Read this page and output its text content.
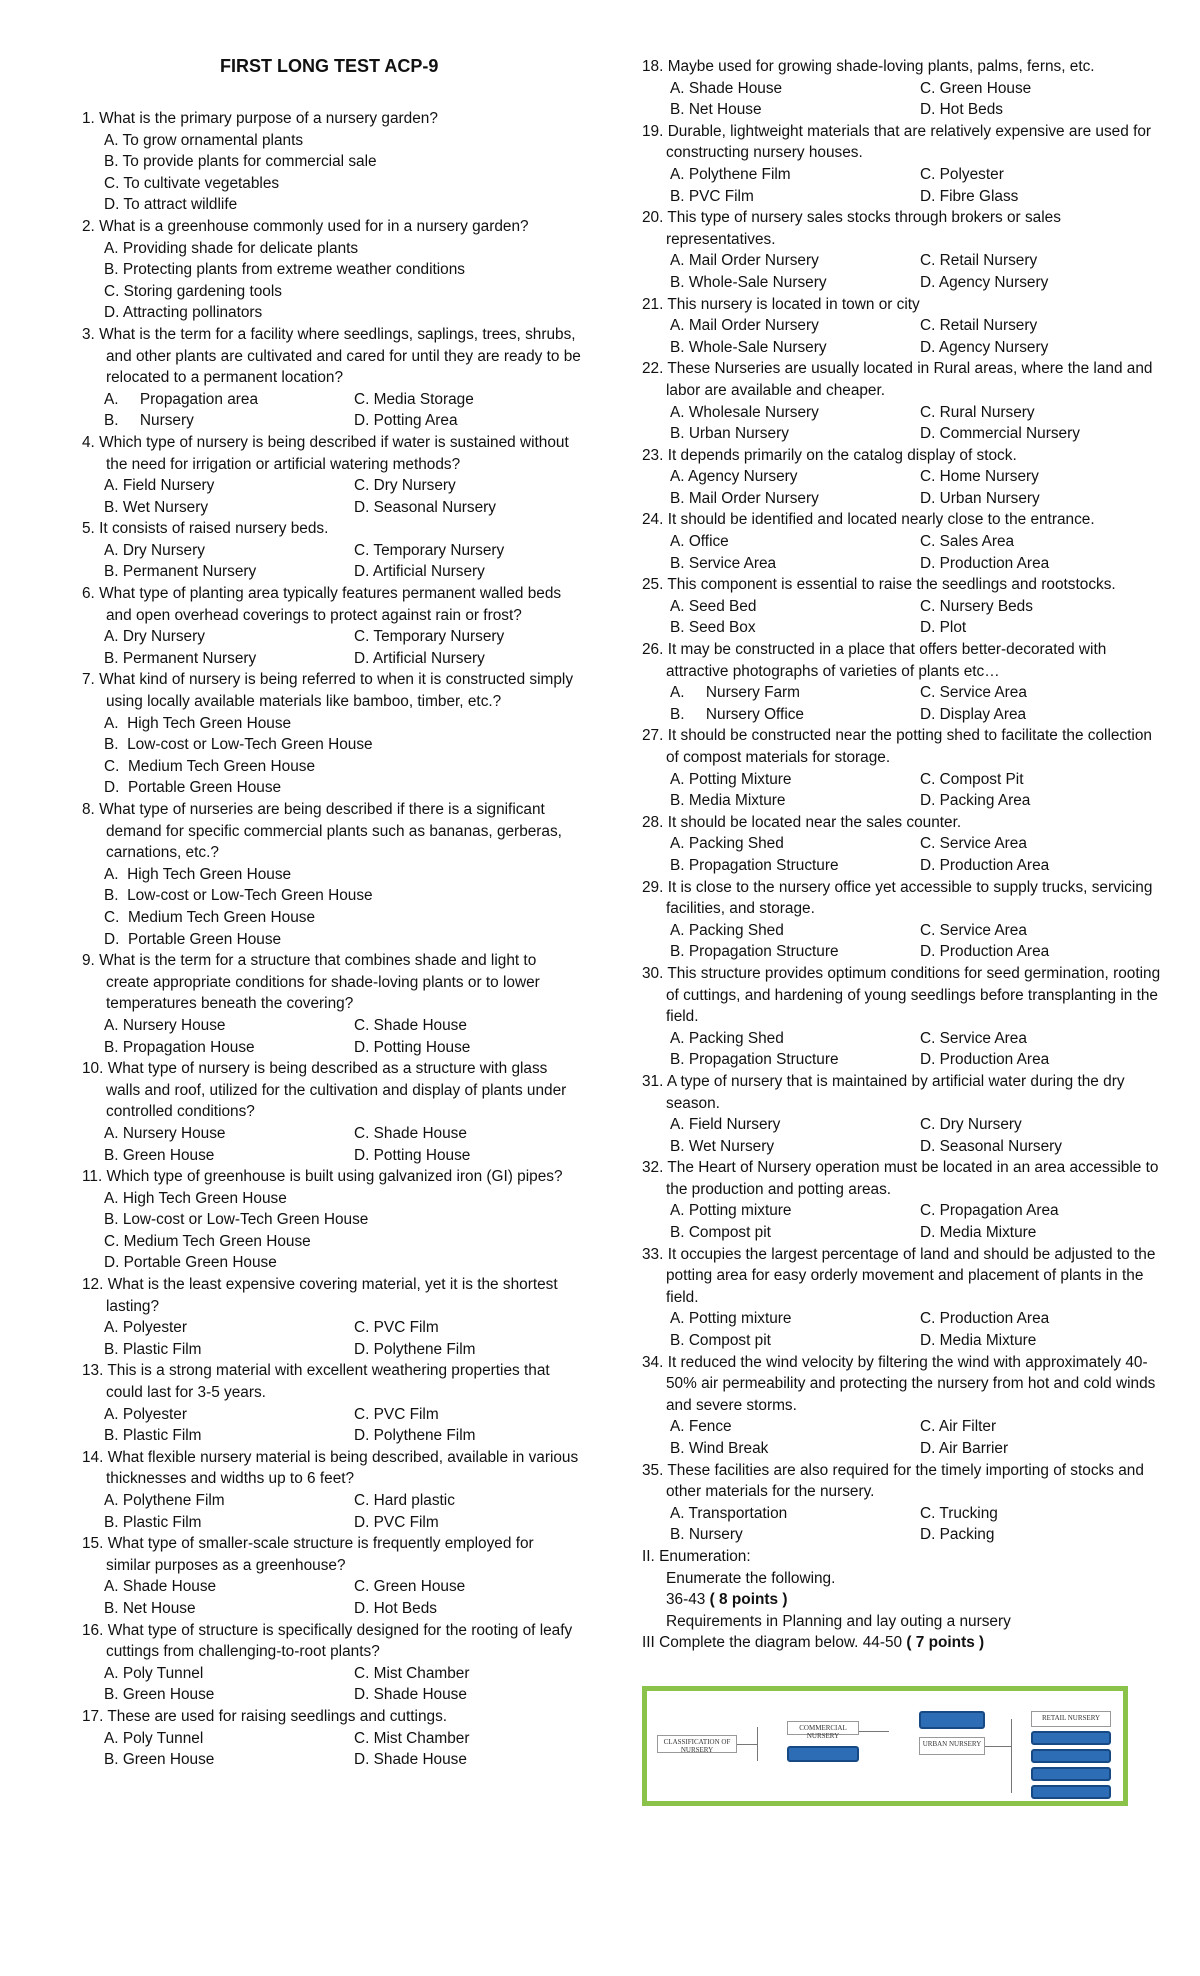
FIRST LONG TEST ACP-9
1. What is the primary purpose of a nursery garden?
A. To grow ornamental plants
B. To provide plants for commercial sale
C. To cultivate vegetables
D. To attract wildlife
2. What is a greenhouse commonly used for in a nursery garden?
A. Providing shade for delicate plants
B. Protecting plants from extreme weather conditions
C. Storing gardening tools
D. Attracting pollinators
3. What is the term for a facility where seedlings, saplings, trees, shrubs, and other plants are cultivated and cared for until they are ready to be relocated to a permanent location?
A.     Propagation area	C. Media Storage
B.     Nursery	D. Potting Area
4. Which type of nursery is being described if water is sustained without the need for irrigation or artificial watering methods?
A. Field Nursery	C. Dry Nursery
B. Wet Nursery	D. Seasonal Nursery
5. It consists of raised nursery beds.
A. Dry Nursery	C. Temporary Nursery
B. Permanent Nursery	D. Artificial Nursery
6. What type of planting area typically features permanent walled beds and open overhead coverings to protect against rain or frost?
A. Dry Nursery	C. Temporary Nursery
B. Permanent Nursery	D. Artificial Nursery
7. What kind of nursery is being referred to when it is constructed simply using locally available materials like bamboo, timber, etc.?
A.  High Tech Green House
B.  Low-cost or Low-Tech Green House
C.  Medium Tech Green House
D.  Portable Green House
8. What type of nurseries are being described if there is a significant demand for specific commercial plants such as bananas, gerberas, carnations, etc.?
A.  High Tech Green House
B.  Low-cost or Low-Tech Green House
C.  Medium Tech Green House
D.  Portable Green House
9. What is the term for a structure that combines shade and light to create appropriate conditions for shade-loving plants or to lower temperatures beneath the covering?
A. Nursery House	C. Shade House
B. Propagation House	D. Potting House
10. What type of nursery is being described as a structure with glass walls and roof, utilized for the cultivation and display of plants under controlled conditions?
A. Nursery House	C. Shade House
B. Green House	D. Potting House
11. Which type of greenhouse is built using galvanized iron (GI) pipes?
A. High Tech Green House
B. Low-cost or Low-Tech Green House
C. Medium Tech Green House
D. Portable Green House
12. What is the least expensive covering material, yet it is the shortest lasting?
A. Polyester	C. PVC Film
B. Plastic Film	D. Polythene Film
13. This is a strong material with excellent weathering properties that could last for 3-5 years.
A. Polyester	C. PVC Film
B. Plastic Film	D. Polythene Film
14. What flexible nursery material is being described, available in various thicknesses and widths up to 6 feet?
A. Polythene Film	C. Hard plastic
B. Plastic Film	D. PVC Film
15. What type of smaller-scale structure is frequently employed for similar purposes as a greenhouse?
A. Shade House	C. Green House
B. Net House	D. Hot Beds
16. What type of structure is specifically designed for the rooting of leafy cuttings from challenging-to-root plants?
A. Poly Tunnel	C. Mist Chamber
B. Green House	D. Shade House
17. These are used for raising seedlings and cuttings.
A. Poly Tunnel	C. Mist Chamber
B. Green House	D. Shade House
18. Maybe used for growing shade-loving plants, palms, ferns, etc.
A. Shade House	C. Green House
B. Net House	D. Hot Beds
19. Durable, lightweight materials that are relatively expensive are used for constructing nursery houses.
A. Polythene Film	C. Polyester
B. PVC Film	D. Fibre Glass
20. This type of nursery sales stocks through brokers or sales representatives.
A. Mail Order Nursery	C. Retail Nursery
B. Whole-Sale Nursery	D. Agency Nursery
21. This nursery is located in town or city
A. Mail Order Nursery	C. Retail Nursery
B. Whole-Sale Nursery	D. Agency Nursery
22. These Nurseries are usually located in Rural areas, where the land and labor are available and cheaper.
A. Wholesale Nursery	C. Rural Nursery
B. Urban Nursery	D. Commercial Nursery
23. It depends primarily on the catalog display of stock.
A. Agency Nursery	C. Home Nursery
B. Mail Order Nursery	D. Urban Nursery
24. It should be identified and located nearly close to the entrance.
A. Office	C. Sales Area
B. Service Area	D. Production Area
25. This component is essential to raise the seedlings and rootstocks.
A. Seed Bed	C. Nursery Beds
B. Seed Box	D. Plot
26. It may be constructed in a place that offers better-decorated with attractive photographs of varieties of plants etc…
A.     Nursery Farm	C. Service Area
B.     Nursery Office	D. Display Area
27. It should be constructed near the potting shed to facilitate the collection of compost materials for storage.
A. Potting Mixture	C. Compost Pit
B. Media Mixture	D. Packing Area
28. It should be located near the sales counter.
A. Packing Shed	C. Service Area
B. Propagation Structure	D. Production Area
29. It is close to the nursery office yet accessible to supply trucks, servicing facilities, and storage.
A. Packing Shed	C. Service Area
B. Propagation Structure	D. Production Area
30. This structure provides optimum conditions for seed germination, rooting of cuttings, and hardening of young seedlings before transplanting in the field.
A. Packing Shed	C. Service Area
B. Propagation Structure	D. Production Area
31. A type of nursery that is maintained by artificial water during the dry season.
A. Field Nursery	C. Dry Nursery
B. Wet Nursery	D. Seasonal Nursery
32. The Heart of Nursery operation must be located in an area accessible to the production and potting areas.
A. Potting mixture	C. Propagation Area
B. Compost pit	D. Media Mixture
33. It occupies the largest percentage of land and should be adjusted to the potting area for easy orderly movement and placement of plants in the field.
A. Potting mixture	C. Production Area
B. Compost pit	D. Media Mixture
34. It reduced the wind velocity by filtering the wind with approximately 40-50% air permeability and protecting the nursery from hot and cold winds and severe storms.
A. Fence	C. Air Filter
B. Wind Break	D. Air Barrier
35. These facilities are also required for the timely importing of stocks and other materials for the nursery.
A. Transportation	C. Trucking
B. Nursery	D. Packing
II. Enumeration:
Enumerate the following.
36-43 ( 8 points )
Requirements in Planning and lay outing a nursery
III Complete the diagram below. 44-50 ( 7 points )
CLASSIFICATION OF NURSERY
COMMERCIAL NURSERY
URBAN NURSERY
RETAIL NURSERY
